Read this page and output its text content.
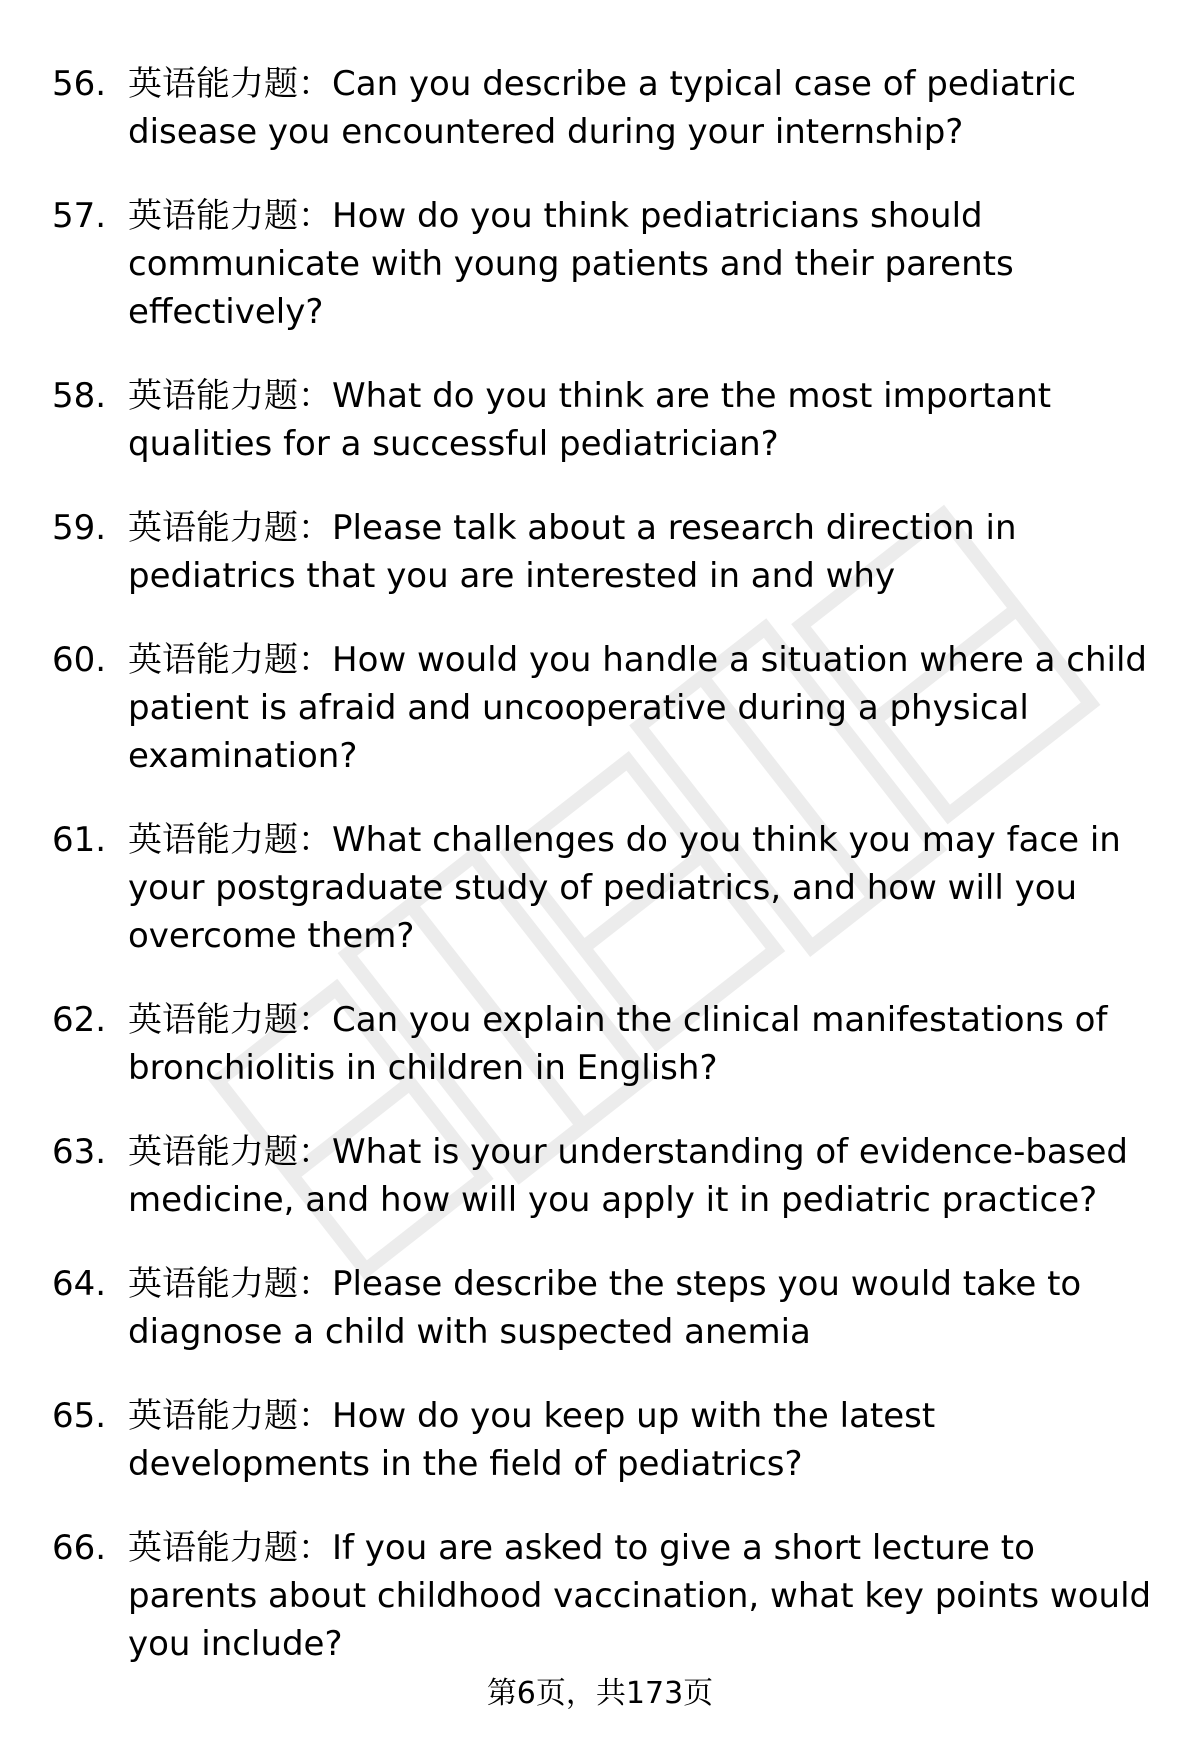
56. 英语能力题：Can you describe a typical case of pediatric disease you encountered during your internship?
57. 英语能力题：How do you think pediatricians should communicate with young patients and their parents effectively?
58. 英语能力题：What do you think are the most important qualities for a successful pediatrician?
59. 英语能力题：Please talk about a research direction in pediatrics that you are interested in and why
60. 英语能力题：How would you handle a situation where a child patient is afraid and uncooperative during a physical examination?
61. 英语能力题：What challenges do you think you may face in your postgraduate study of pediatrics, and how will you overcome them?
62. 英语能力题：Can you explain the clinical manifestations of bronchiolitis in children in English?
63. 英语能力题：What is your understanding of evidence-based medicine, and how will you apply it in pediatric practice?
64. 英语能力题：Please describe the steps you would take to diagnose a child with suspected anemia
65. 英语能力题：How do you keep up with the latest developments in the field of pediatrics?
66. 英语能力题：If you are asked to give a short lecture to parents about childhood vaccination, what key points would you include?
第6页，共173页
